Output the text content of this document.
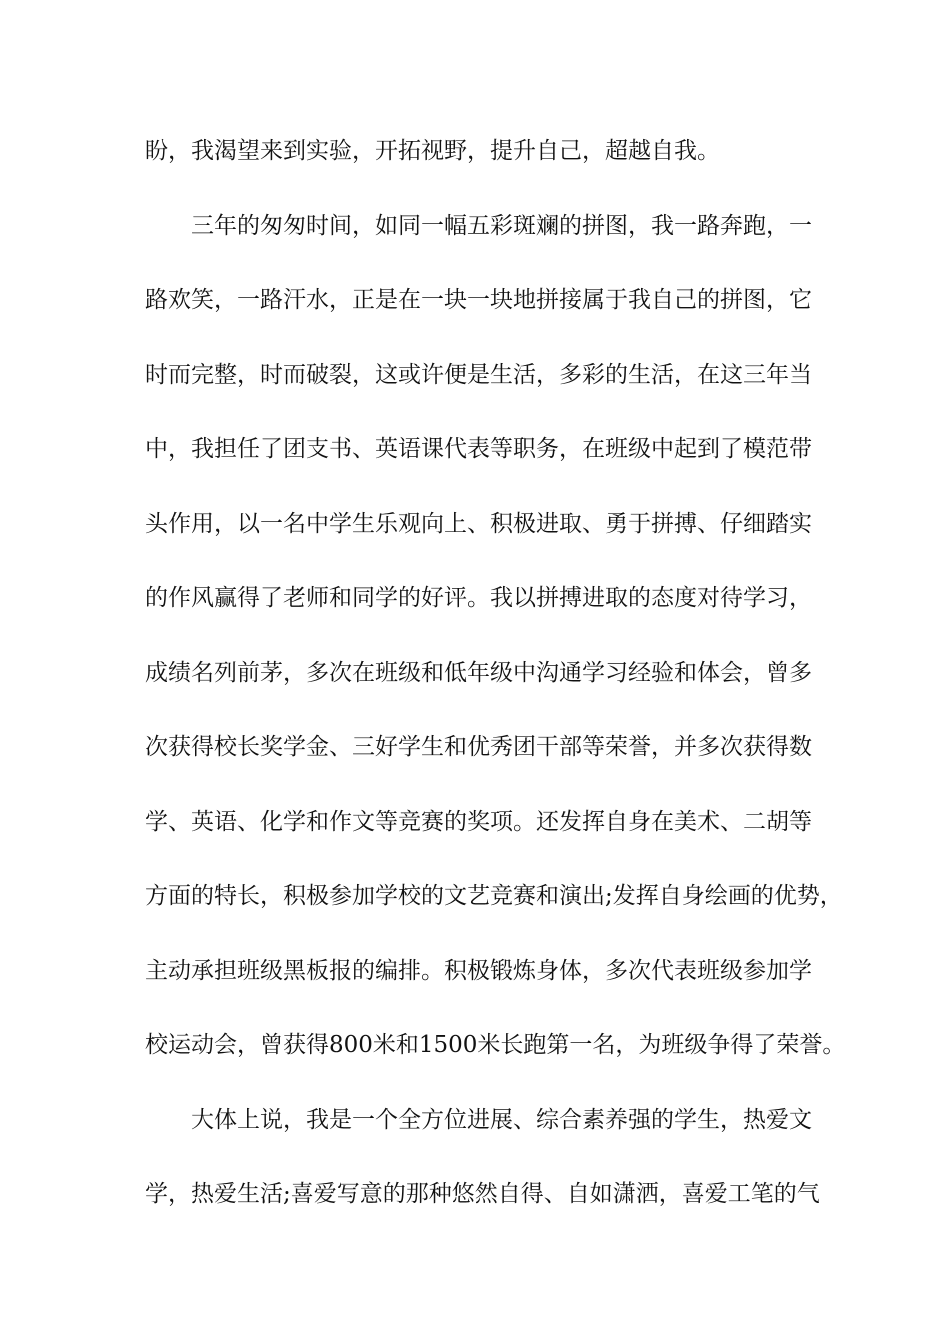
盼，我渴望来到实验，开拓视野，提升自己，超越自我。
三年的匆匆时间，如同一幅五彩斑斓的拼图，我一路奔跑，一
路欢笑，一路汗水，正是在一块一块地拼接属于我自己的拼图，它
时而完整，时而破裂，这或许便是生活，多彩的生活，在这三年当
中，我担任了团支书、英语课代表等职务，在班级中起到了模范带
头作用，以一名中学生乐观向上、积极进取、勇于拼搏、仔细踏实
的作风赢得了老师和同学的好评。我以拼搏进取的态度对待学习，
成绩名列前茅，多次在班级和低年级中沟通学习经验和体会，曾多
次获得校长奖学金、三好学生和优秀团干部等荣誉，并多次获得数
学、英语、化学和作文等竞赛的奖项。还发挥自身在美术、二胡等
方面的特长，积极参加学校的文艺竞赛和演出;发挥自身绘画的优势，
主动承担班级黑板报的编排。积极锻炼身体，多次代表班级参加学
校运动会，曾获得800米和1500米长跑第一名，为班级争得了荣誉。
大体上说，我是一个全方位进展、综合素养强的学生，热爱文
学，热爱生活;喜爱写意的那种悠然自得、自如潇洒，喜爱工笔的气
